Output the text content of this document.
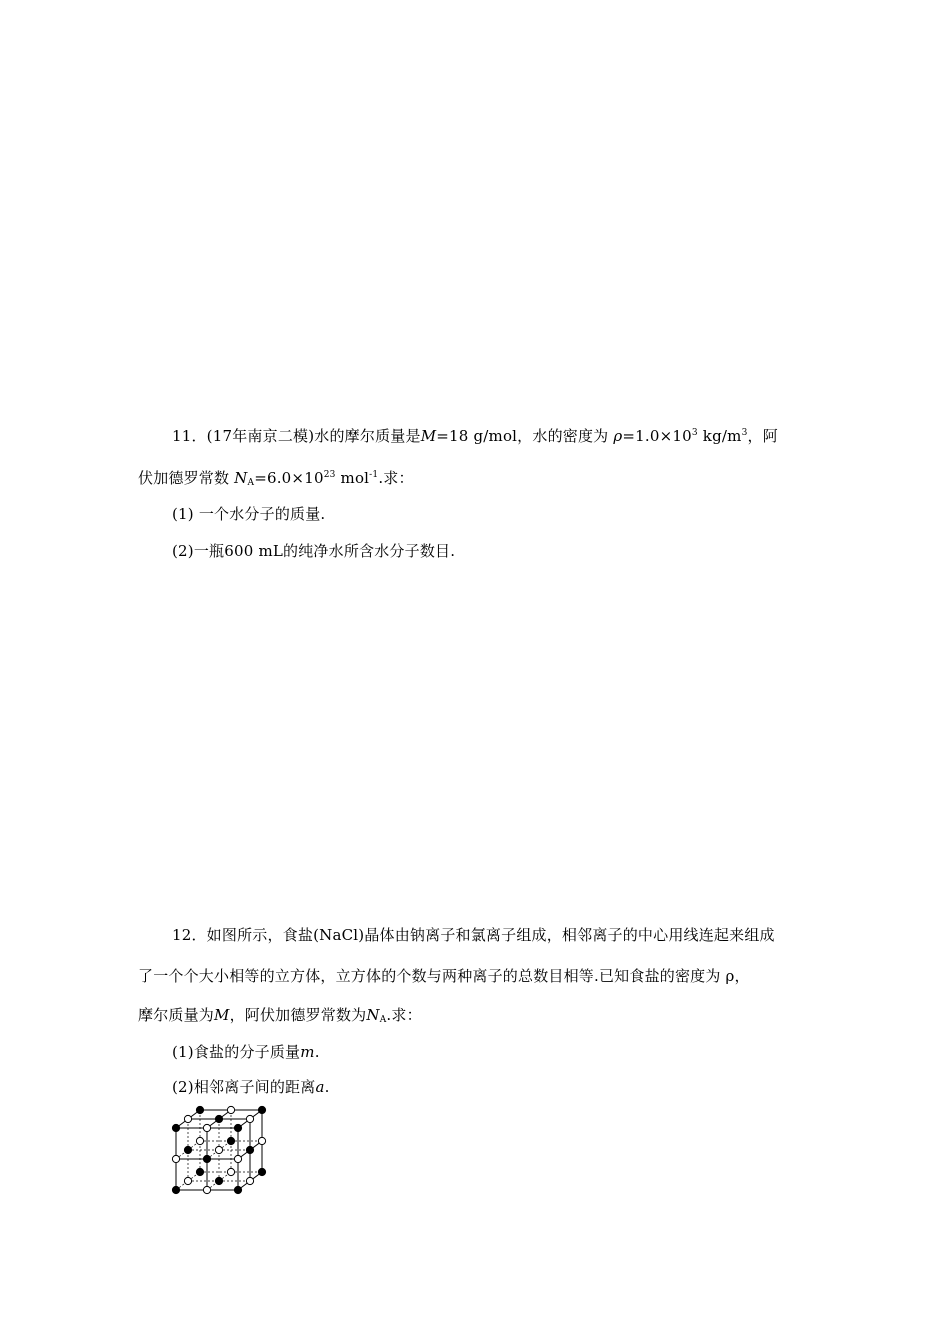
11．(17年南京二模)水的摩尔质量是M=18 g/mol，水的密度为 $\rho=1.0\times 10^3$ $kg/m^3$，阿
伏加德罗常数 $N_A=6.0\times 10^{23}$ mol$^{-1}$.求：
(1) 一个水分子的质量.
(2)一瓶600 mL的纯净水所含水分子数目.
12．如图所示，食盐(NaCl)晶体由钠离子和氯离子组成，相邻离子的中心用线连起来组成
了一个个大小相等的立方体，立方体的个数与两种离子的总数目相等.已知食盐的密度为 ρ，
摩尔质量为M，阿伏加德罗常数为$N_A$.求：
(1)食盐的分子质量m.
(2)相邻离子间的距离a.
